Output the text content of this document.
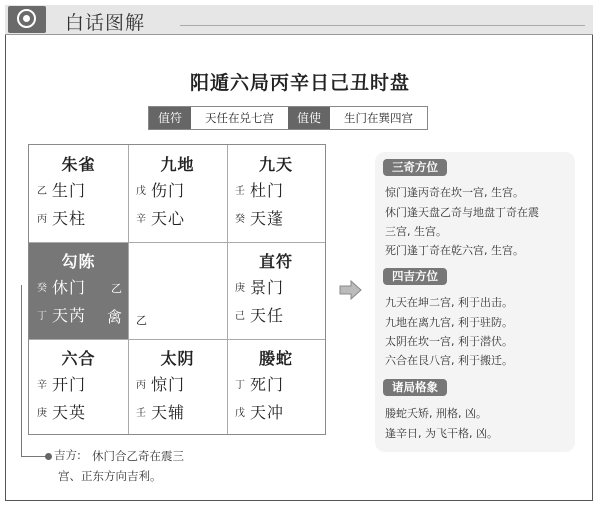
白话图解
阳遁六局丙辛日己丑时盘
值符	天任在兑七宫	值使	生门在巽四宫
朱雀
乙 生门
丙 天柱
九地
戊 伤门
辛 天心
九天
壬 杜门
癸 天蓬
勾陈
癸 休门
丁 天芮
乙
禽 乙
直符
庚 景门
己 天任
六合
辛 开门
庚 天英
太阴
丙 惊门
壬 天辅
媵蛇
丁 死门
戊 天冲
吉方: 休门合乙奇在震三
宫、正东方向吉利。
三奇方位
惊门逢丙奇在坎一宫, 生宫。
休门逢天盘乙奇与地盘丁奇在震
三宫, 生宫。
死门逢丁奇在乾六宫, 生宫。
四吉方位
九天在坤二宫, 利于出击。
九地在离九宫, 利于驻防。
太阴在坎一宫, 利于潜伏。
六合在艮八宫, 利于搬迁。
诸局格象
媵蛇夭矫, 刑格, 凶。
逢辛日, 为飞干格, 凶。
